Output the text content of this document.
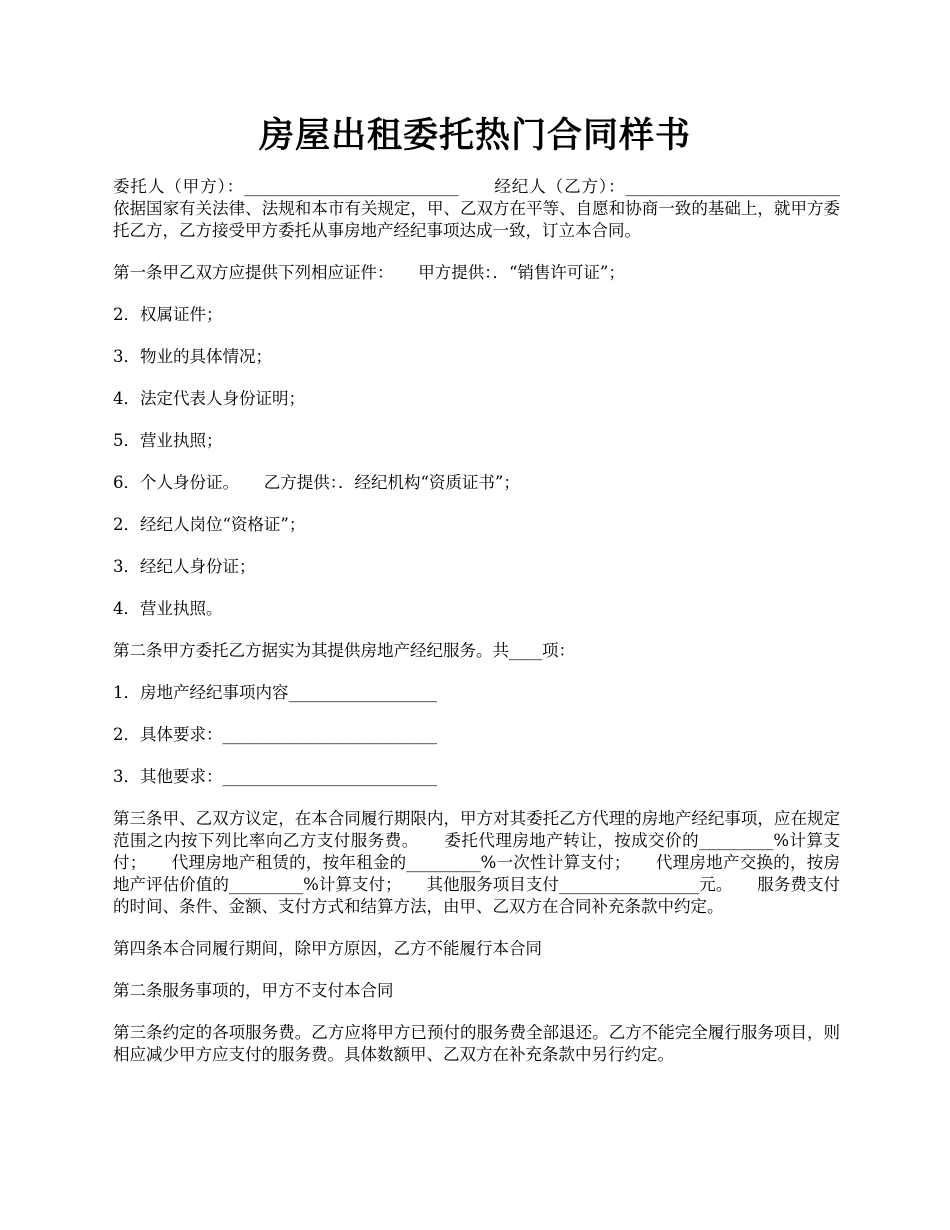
房屋出租委托热门合同样书

委托人（甲方）：__________________________　　经纪人（乙方）：__________________________　　依据国家有关法律、法规和本市有关规定，甲、乙双方在平等、自愿和协商一致的基础上，就甲方委托乙方，乙方接受甲方委托从事房地产经纪事项达成一致，订立本合同。

第一条甲乙双方应提供下列相应证件：　　甲方提供：．“销售许可证”；

2．权属证件；

3．物业的具体情况；

4．法定代表人身份证明；

5．营业执照；

6．个人身份证。　　乙方提供：．经纪机构“资质证书”；

2．经纪人岗位“资格证”；

3．经纪人身份证；

4．营业执照。

第二条甲方委托乙方据实为其提供房地产经纪服务。共____项：

1．房地产经纪事项内容__________________

2．具体要求：__________________________

3．其他要求：__________________________

第三条甲、乙双方议定，在本合同履行期限内，甲方对其委托乙方代理的房地产经纪事项，应在规定范围之内按下列比率向乙方支付服务费。　　委托代理房地产转让，按成交价的_________%计算支付；　　代理房地产租赁的，按年租金的_________%一次性计算支付；　　代理房地产交换的，按房地产评估价值的_________%计算支付；　　其他服务项目支付_________________元。　　服务费支付的时间、条件、金额、支付方式和结算方法，由甲、乙双方在合同补充条款中约定。

第四条本合同履行期间，除甲方原因，乙方不能履行本合同

第二条服务事项的，甲方不支付本合同

第三条约定的各项服务费。乙方应将甲方已预付的服务费全部退还。乙方不能完全履行服务项目，则相应减少甲方应支付的服务费。具体数额甲、乙双方在补充条款中另行约定。
